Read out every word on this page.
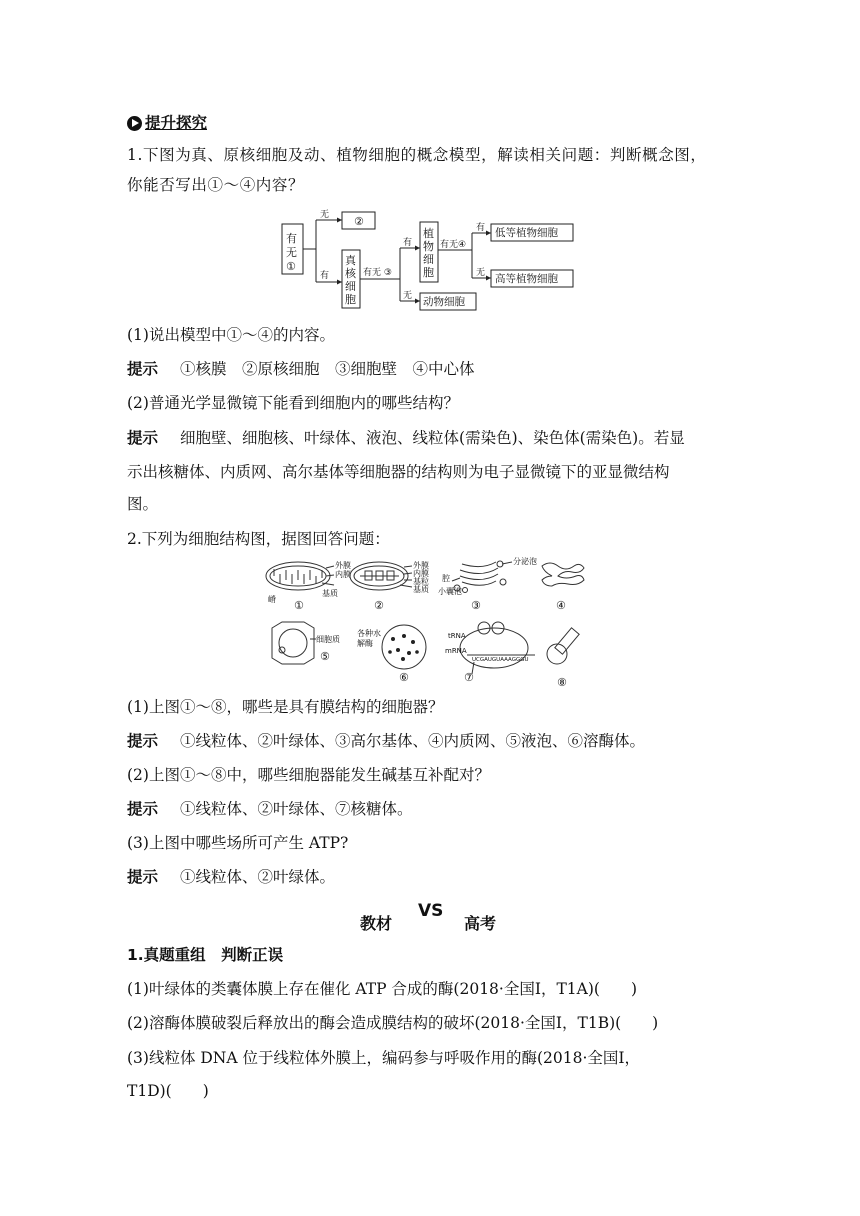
提升探究
1.下图为真、原核细胞及动、植物细胞的概念模型，解读相关问题：判断概念图，
你能否写出①～④内容？
有
无
①
无 ②
有
真
核
细
胞
有无 ③
有
植
物
细
胞
有无④
有 低等植物细胞
无 高等植物细胞
无 动物细胞
(1)说出模型中①～④的内容。
提示 ①核膜　②原核细胞　③细胞壁　④中心体
(2)普通光学显微镜下能看到细胞内的哪些结构？
提示 细胞壁、细胞核、叶绿体、液泡、线粒体(需染色)、染色体(需染色)。若显
示出核糖体、内质网、高尔基体等细胞器的结构则为电子显微镜下的亚显微结构
图。
2.下列为细胞结构图，据图回答问题：
嵴
外膜
内膜
基质
外膜
内膜
基粒
基质
分泌泡
腔
小囊泡
细胞质
各种水
解酶
tRNA
mRNA
UCGAUGUAAAGGGU
①	②	③	④
⑤
⑥	⑦	⑧
(1)上图①～⑧，哪些是具有膜结构的细胞器？
提示 ①线粒体、②叶绿体、③高尔基体、④内质网、⑤液泡、⑥溶酶体。
(2)上图①～⑧中，哪些细胞器能发生碱基互补配对？
提示 ①线粒体、②叶绿体、⑦核糖体。
(3)上图中哪些场所可产生 ATP?
提示 ①线粒体、②叶绿体。
教材
VS
高考
1.真题重组　判断正误
(1)叶绿体的类囊体膜上存在催化 ATP 合成的酶(2018·全国Ⅰ，T1A)(　　)
(2)溶酶体膜破裂后释放出的酶会造成膜结构的破坏(2018·全国Ⅰ，T1B)(　　)
(3)线粒体 DNA 位于线粒体外膜上，编码参与呼吸作用的酶(2018·全国Ⅰ，
T1D)(　　)
